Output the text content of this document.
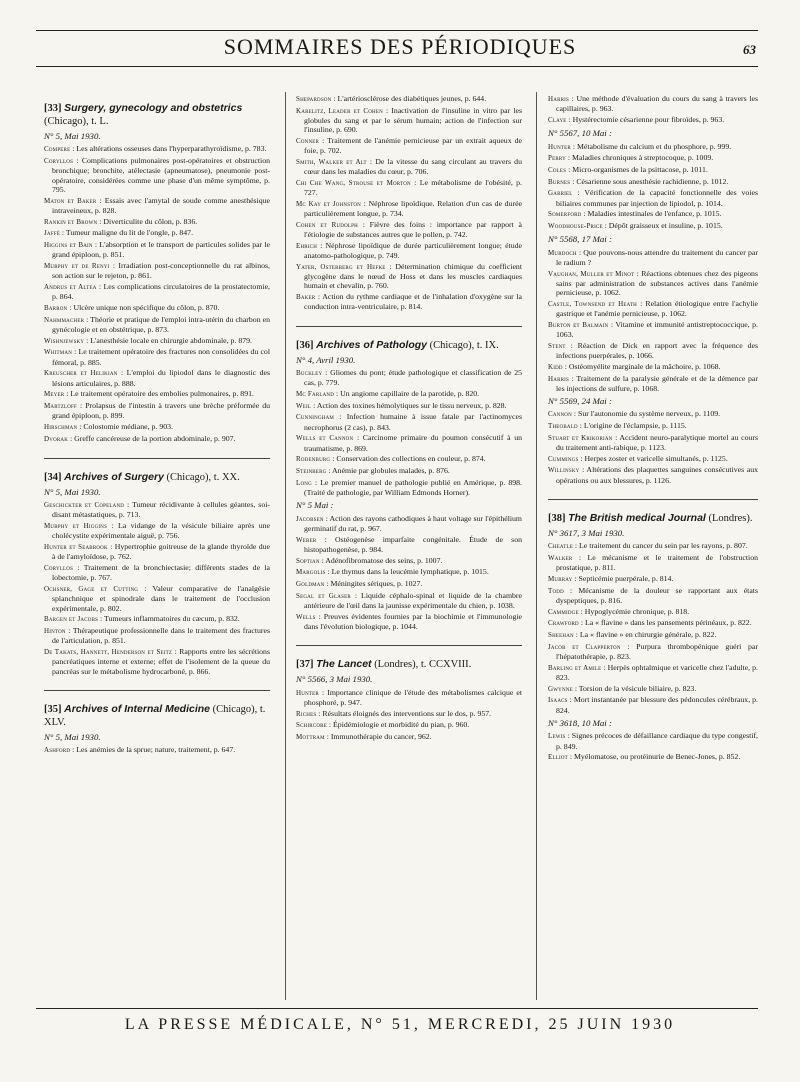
SOMMAIRES DES PÉRIODIQUES	63
[33] Surgery, gynecology and obstetrics (Chicago), t. L.
N° 5, Mai 1930.
Compere : Les altérations osseuses dans l'hyperparathyroïdisme, p. 783.
Coryllos : Complications pulmonaires post-opératoires et obstruction bronchique; bronchite, atélectasie (apneumatose), pneumonie post-opératoire, considérées comme une phase d'un même symptôme, p. 795.
Maton et Baker : Essais avec l'amytal de soude comme anesthésique intraveineux, p. 828.
Rankin et Brown : Diverticulite du côlon, p. 836.
Jaffé : Tumeur maligne du lit de l'ongle, p. 847.
Higgins et Bain : L'absorption et le transport de particules solides par le grand épiploon, p. 851.
Murphy et de Renyi : Irradiation post-conceptionnelle du rat albinos, son action sur le rejeton, p. 861.
Andrus et Altea : Les complications circulatoires de la prostatectomie, p. 864.
Barron : Ulcère unique non spécifique du côlon, p. 870.
Nahmmacher : Théorie et pratique de l'emploi intra-utérin du charbon en gynécologie et en obstétrique, p. 873.
Wishnjewsky : L'anesthésie locale en chirurgie abdominale, p. 879.
Whitman : Le traitement opératoire des fractures non consolidées du col fémoral, p. 885.
Kreuscher et Helikian : L'emploi du lipiodol dans le diagnostic des lésions articulaires, p. 888.
Meyer : Le traitement opératoire des embolies pulmonaires, p. 891.
Martzloff : Prolapsus de l'intestin à travers une brèche préformée du grand épiploon, p. 899.
Hirschman : Colostomie médiane, p. 903.
Dvorak : Greffe cancéreuse de la portion abdominale, p. 907.
[34] Archives of Surgery (Chicago), t. XX.
N° 5, Mai 1930.
Geschickter et Copeland : Tumeur récidivante à cellules géantes, soi-disant métastatiques, p. 713.
Murphy et Higgins : La vidange de la vésicule biliaire après une cholécystite expérimentale aiguë, p. 756.
Hunter et Seabrook : Hypertrophie goitreuse de la glande thyroïde due à de l'amyloïdose, p. 762.
Coryllos : Traitement de la bronchiectasie; différents stades de la lobectomie, p. 767.
Ochsner, Gage et Cutting : Valeur comparative de l'analgésie splanchnique et spinodrale dans le traitement de l'occlusion expérimentale, p. 802.
Bargen et Jacobs : Tumeurs inflammatoires du cæcum, p. 832.
Hinton : Thérapeutique professionnelle dans le traitement des fractures de l'articulation, p. 851.
De Takats, Hannett, Henderson et Seitz : Rapports entre les sécrétions pancréatiques interne et externe; effet de l'isolement de la queue du pancréas sur le métabolisme hydrocarboné, p. 866.
[35] Archives of Internal Medicine (Chicago), t. XLV.
N° 5, Mai 1930.
Ashford : Les anémies de la sprue; nature, traitement, p. 647.
Shepardson : L'artériosclérose des diabétiques jeunes, p. 644.
Karelitz, Leader et Cohen : Inactivation de l'insuline in vitro par les globules du sang et par le sérum humain; action de l'infection sur l'insuline, p. 690.
Conner : Traitement de l'anémie pernicieuse par un extrait aqueux de foie, p. 702.
Smith, Walker et Alt : De la vitesse du sang circulant au travers du cœur dans les maladies du cœur, p. 706.
Chi Che Wang, Strouse et Morton : Le métabolisme de l'obésité, p. 727.
Mc Kay et Johnston : Néphrose lipoïdique. Relation d'un cas de durée particulièrement longue, p. 734.
Cohen et Rudolph : Fièvre des foins : importance par rapport à l'étiologie de substances autres que le pollen, p. 742.
Ehrich : Néphrose lipoïdique de durée particulièrement longue; étude anatomo-pathologique, p. 749.
Yater, Osterberg et Hefke : Détermination chimique du coefficient glycogène dans le nœud de Hoss et dans les muscles cardiaques humain et chevalin, p. 760.
Baker : Action du rythme cardiaque et de l'inhalation d'oxygène sur la conduction intra-ventriculaire, p. 814.
[36] Archives of Pathology (Chicago), t. IX.
N° 4, Avril 1930.
Buckley : Gliomes du pont; étude pathologique et classification de 25 cas, p. 779.
Mc Farland : Un angiome capillaire de la parotide, p. 820.
Weil : Action des toxines hémolytiques sur le tissu nerveux, p. 828.
Cunningham : Infection humaine à issue fatale par l'actinomyces necrophorus (2 cas), p. 843.
Wells et Cannon : Carcinome primaire du poumon consécutif à un traumatisme, p. 869.
Rodenburg : Conservation des collections en couleur, p. 874.
Steinberg : Anémie par globules malades, p. 876.
Long : Le premier manuel de pathologie publié en Amérique, p. 898. (Traité de pathologie, par William Edmonds Horner).
N° 5 Mai :
Jacobsen : Action des rayons cathodiques à haut voltage sur l'épithélium germinatif du rat, p. 967.
Weber : Ostéogenèse imparfaite congénitale. Étude de son histopathogenèse, p. 984.
Soptian : Adénofibromatose des seins, p. 1007.
Margolis : Le thymus dans la leucémie lymphatique, p. 1015.
Goldman : Méningites sériques, p. 1027.
Segal et Glaser : Liquide céphalo-spinal et liquide de la chambre antérieure de l'œil dans la jaunisse expérimentale du chien, p. 1038.
Wells : Preuves évidentes fournies par la biochimie et l'immunologie dans l'évolution biologique, p. 1044.
[37] The Lancet (Londres), t. CCXVIII.
N° 5566, 3 Mai 1930.
Hunter : Importance clinique de l'étude des métabolismes calcique et phosphoré, p. 947.
Riches : Résultats éloignés des interventions sur le dos, p. 957.
Schircore : Épidémiologie et morbidité du pian, p. 960.
Mottram : Immunothérapie du cancer, 962.
Harris : Une méthode d'évaluation du cours du sang à travers les capillaires, p. 963.
Claye : Hystérectomie césarienne pour fibroïdes, p. 963.
N° 5567, 10 Mai :
Hunter : Métabolisme du calcium et du phosphore, p. 999.
Perry : Maladies chroniques à streptocoque, p. 1009.
Coles : Micro-organismes de la psittacose, p. 1011.
Burnes : Césarienne sous anesthésie rachidienne, p. 1012.
Gabriel : Vérification de la capacité fonctionnelle des voies biliaires communes par injection de lipiodol, p. 1014.
Somerford : Maladies intestinales de l'enfance, p. 1015.
Woodhouse-Price : Dépôt graisseux et insuline, p. 1015.
N° 5568, 17 Mai :
Murdoch : Que pouvons-nous attendre du traitement du cancer par le radium ?
Vaughan, Muller et Minot : Réactions obtenues chez des pigeons sains par administration de substances actives dans l'anémie pernicieuse, p. 1062.
Castle, Townsend et Heath : Relation étiologique entre l'achylie gastrique et l'anémie pernicieuse, p. 1062.
Burton et Balmain : Vitamine et immunité antistreptococcique, p. 1063.
Stent : Réaction de Dick en rapport avec la fréquence des infections puerpérales, p. 1066.
Kidd : Ostéomyélite marginale de la mâchoire, p. 1068.
Harris : Traitement de la paralysie générale et de la démence par les injections de sulfure, p. 1068.
N° 5569, 24 Mai :
Cannon : Sur l'autonomie du système nerveux, p. 1109.
Theobald : L'origine de l'éclampsie, p. 1115.
Stuart et Krikorian : Accident neuro-paralytique mortel au cours du traitement anti-rabique, p. 1123.
Cummings : Herpes zoster et varicelle simultanés, p. 1125.
Willinsky : Altérations des plaquettes sanguines consécutives aux opérations ou aux blessures, p. 1126.
[38] The British medical Journal (Londres).
N° 3617, 3 Mai 1930.
Cheatle : Le traitement du cancer du sein par les rayons, p. 807.
Walker : Le mécanisme et le traitement de l'obstruction prostatique, p. 811.
Murray : Septicémie puerpérale, p. 814.
Todd : Mécanisme de la douleur se rapportant aux états dyspeptiques, p. 816.
Cammidge : Hypoglycémie chronique, p. 818.
Crawford : La « flavine » dans les pansements périnéaux, p. 822.
Sheehan : La « flavine » en chirurgie générale, p. 822.
Jacob et Clapperton : Purpura thrombopénique guéri par l'hépatothérapie, p. 823.
Barling et Amile : Herpès ophtalmique et varicelle chez l'adulte, p. 823.
Gwynne : Torsion de la vésicule biliaire, p. 823.
Isaacs : Mort instantanée par blessure des pédoncules cérébraux, p. 824.
N° 3618, 10 Mai :
Lewis : Signes précoces de défaillance cardiaque du type congestif, p. 849.
Elliot : Myélomatose, ou protéinurie de Benec-Jones, p. 852.
LA PRESSE MÉDICALE, N° 51, MERCREDI, 25 JUIN 1930
